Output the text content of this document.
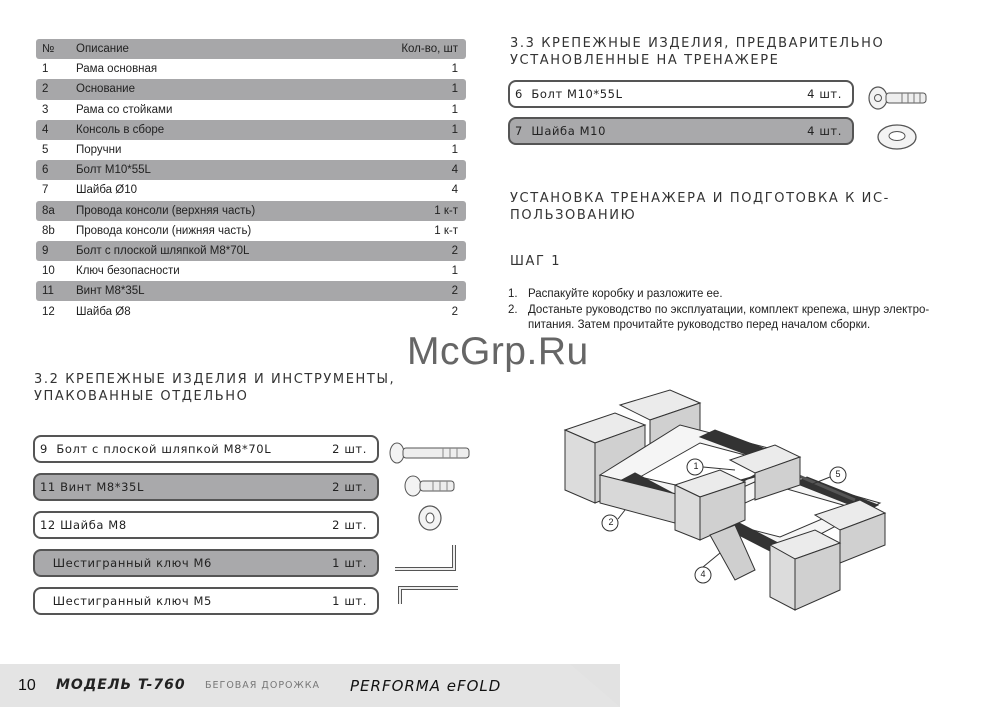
№	Описание	Кол-во, шт
1	Рама основная	1
2	Основание	1
3	Рама со стойками	1
4	Консоль в сборе	1
5	Поручни	1
6	Болт M10*55L	4
7	Шайба Ø10	4
8a	Провода консоли (верхняя часть)	1 к-т
8b	Провода консоли (нижняя часть)	1 к-т
9	Болт с плоской шляпкой M8*70L	2
10	Ключ безопасности	1
11	Винт M8*35L	2
12	Шайба Ø8	2
3.3 КРЕПЕЖНЫЕ ИЗДЕЛИЯ, ПРЕДВАРИТЕЛЬНО
УСТАНОВЛЕННЫЕ НА ТРЕНАЖЕРЕ
6  Болт M10*55L	4 шт.
7  Шайба M10	4 шт.
УСТАНОВКА ТРЕНАЖЕРА И ПОДГОТОВКА К ИС-
ПОЛЬЗОВАНИЮ
ШАГ 1
1. Распакуйте коробку и разложите ее.
2. Достаньте руководство по эксплуатации, комплект крепежа, шнур электро-питания. Затем прочитайте руководство перед началом сборки.
McGrp.Ru
3.2 КРЕПЕЖНЫЕ ИЗДЕЛИЯ И ИНСТРУМЕНТЫ,
УПАКОВАННЫЕ ОТДЕЛЬНО
9  Болт с плоской шляпкой M8*70L	2 шт.
11 Винт M8*35L	2 шт.
12 Шайба M8	2 шт.
Шестигранный ключ M6	1 шт.
Шестигранный ключ M5	1 шт.
1
2
4
5
10 МОДЕЛЬ T-760 БЕГОВАЯ ДОРОЖКА PERFORMA eFOLD
